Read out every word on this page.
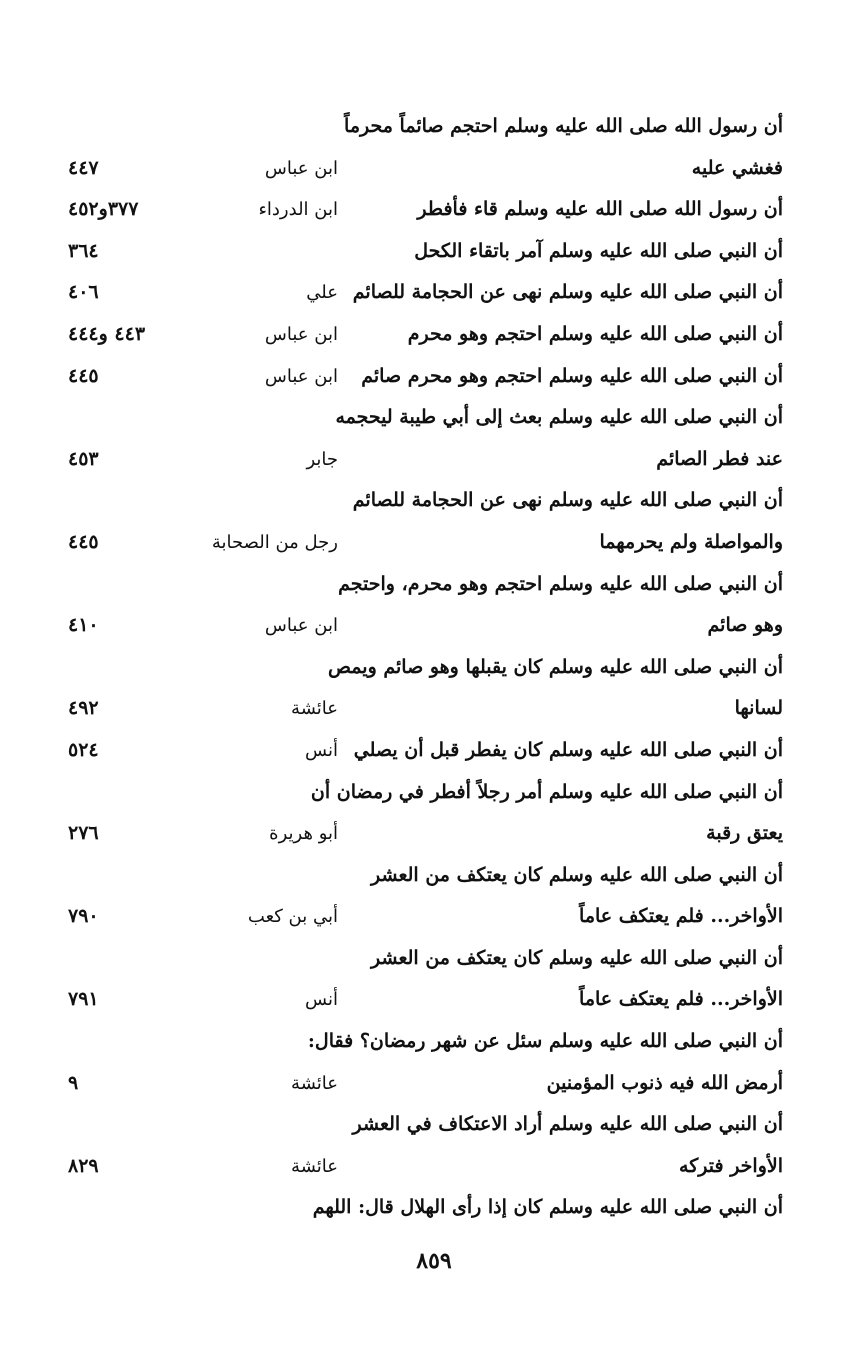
أن رسول الله صلى الله عليه وسلم احتجم صائماً محرماً
فغشي عليه
ابن عباس
٤٤٧
أن رسول الله صلى الله عليه وسلم قاء فأفطر
ابن الدرداء
٣٧٧و٤٥٢
أن النبي صلى الله عليه وسلم آمر باتقاء الكحل
٣٦٤
أن النبي صلى الله عليه وسلم نهى عن الحجامة للصائم
علي
٤٠٦
أن النبي صلى الله عليه وسلم احتجم وهو محرم
ابن عباس
٤٤٣ و٤٤٤
أن النبي صلى الله عليه وسلم احتجم وهو محرم صائم
ابن عباس
٤٤٥
أن النبي صلى الله عليه وسلم بعث إلى أبي طيبة ليحجمه
عند فطر الصائم
جابر
٤٥٣
أن النبي صلى الله عليه وسلم نهى عن الحجامة للصائم
والمواصلة ولم يحرمهما
رجل من الصحابة
٤٤٥
أن النبي صلى الله عليه وسلم احتجم وهو محرم، واحتجم
وهو صائم
ابن عباس
٤١٠
أن النبي صلى الله عليه وسلم كان يقبلها وهو صائم ويمص
لسانها
عائشة
٤٩٢
أن النبي صلى الله عليه وسلم كان يفطر قبل أن يصلي
أنس
٥٢٤
أن النبي صلى الله عليه وسلم أمر رجلاً أفطر في رمضان أن
يعتق رقبة
أبو هريرة
٢٧٦
أن النبي صلى الله عليه وسلم كان يعتكف من العشر
الأواخر... فلم يعتكف عاماً
أبي بن كعب
٧٩٠
أن النبي صلى الله عليه وسلم كان يعتكف من العشر
الأواخر... فلم يعتكف عاماً
أنس
٧٩١
أن النبي صلى الله عليه وسلم سئل عن شهر رمضان؟ فقال:
أرمض الله فيه ذنوب المؤمنين
عائشة
٩
أن النبي صلى الله عليه وسلم أراد الاعتكاف في العشر
الأواخر فتركه
عائشة
٨٢٩
أن النبي صلى الله عليه وسلم كان إذا رأى الهلال قال: اللهم
٨٥٩
